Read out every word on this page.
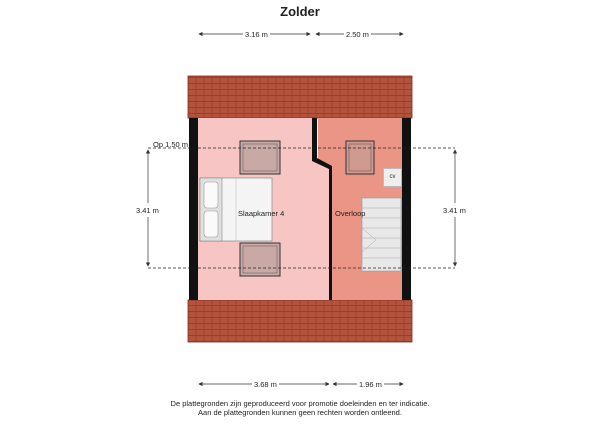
Zolder
3.16 m	2.50 m
3.68 m	1.96 m
3.41 m	3.41 m
Op 1.50 m
Slaapkamer 4	Overloop
cv
De plattegronden zijn geproduceerd voor promotie doeleinden en ter indicatie.
Aan de plattegronden kunnen geen rechten worden ontleend.
